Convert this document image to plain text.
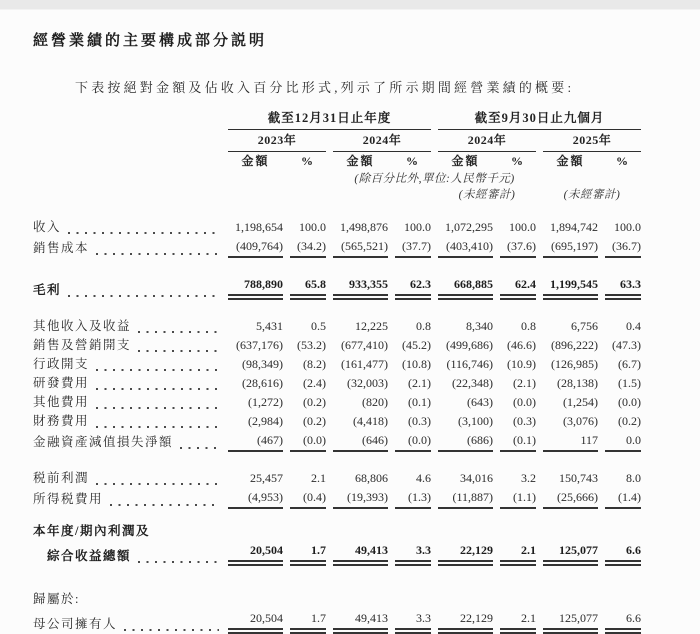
經營業績的主要構成部分説明

下表按絕對金額及佔收入百分比形式,列示了所示期間經營業績的概要:

	截至12月31日止年度				截至9月30日止九個月			
	2023年		2024年		2024年		2025年	
	金額	%	金額	%	金額	%	金額	%
			(除百分比外,單位:人民幣千元)					
					(未經審計)		(未經審計)	

收入	1,198,654	100.0	1,498,876	100.0	1,072,295	100.0	1,894,742	100.0

銷售成本	(409,764)	(34.2)	(565,521)	(37.7)	(403,410)	(37.6)	(695,197)	(36.7)

毛利	788,890	65.8	933,355	62.3	668,885	62.4	1,199,545	63.3

其他收入及收益	5,431	0.5	12,225	0.8	8,340	0.8	6,756	0.4

銷售及營銷開支	(637,176)	(53.2)	(677,410)	(45.2)	(499,686)	(46.6)	(896,222)	(47.3)

行政開支	(98,349)	(8.2)	(161,477)	(10.8)	(116,746)	(10.9)	(126,985)	(6.7)

研發費用	(28,616)	(2.4)	(32,003)	(2.1)	(22,348)	(2.1)	(28,138)	(1.5)

其他費用	(1,272)	(0.2)	(820)	(0.1)	(643)	(0.0)	(1,254)	(0.0)

財務費用	(2,984)	(0.2)	(4,418)	(0.3)	(3,100)	(0.3)	(3,076)	(0.2)

金融資產減值損失淨額	(467)	(0.0)	(646)	(0.0)	(686)	(0.1)	117	0.0

税前利潤	25,457	2.1	68,806	4.6	34,016	3.2	150,743	8.0

所得税費用	(4,953)	(0.4)	(19,393)	(1.3)	(11,887)	(1.1)	(25,666)	(1.4)

本年度/期內利潤及								

綜合收益總額	20,504	1.7	49,413	3.3	22,129	2.1	125,077	6.6

歸屬於:								

母公司擁有人	20,504	1.7	49,413	3.3	22,129	2.1	125,077	6.6
